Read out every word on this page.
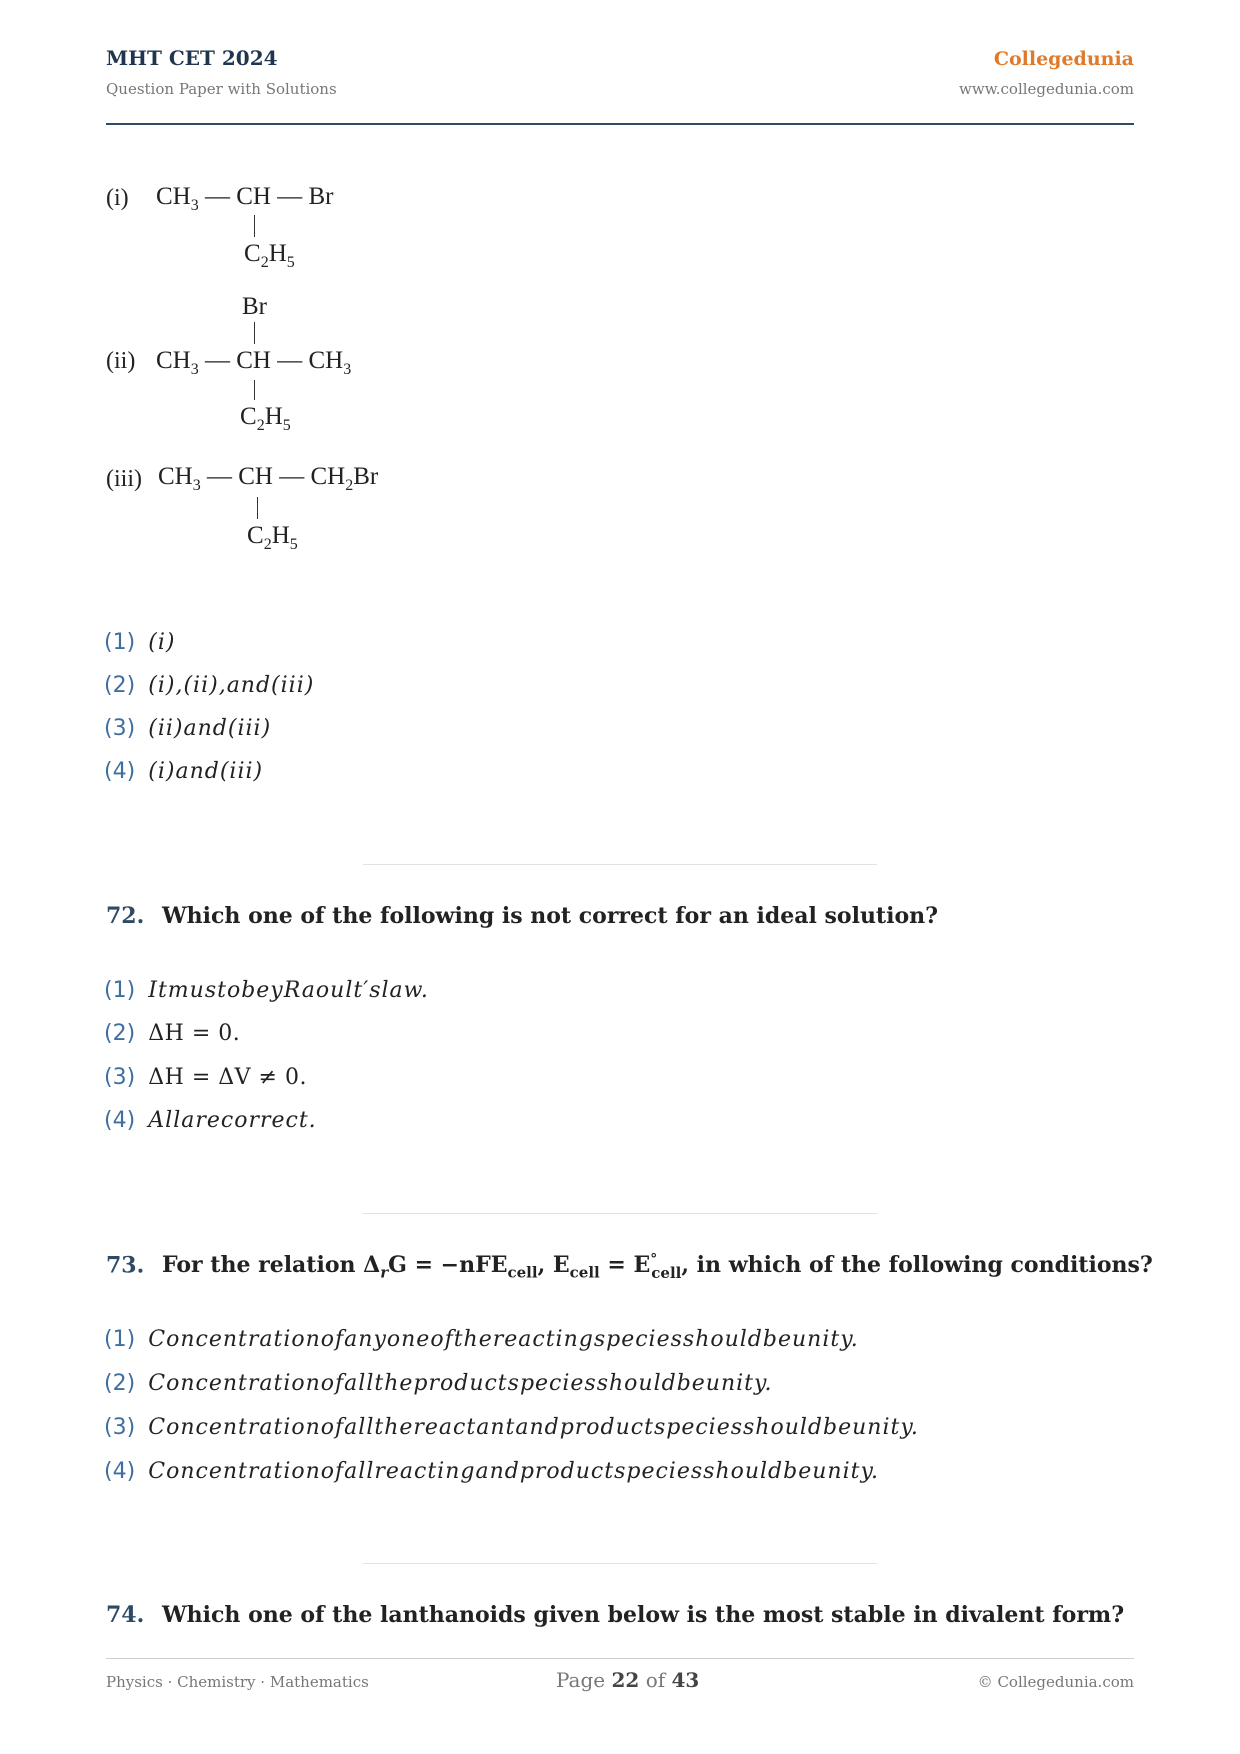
MHT CET 2024
Question Paper with Solutions
Collegedunia
www.collegedunia.com
(i) $CH_3$ — CH — Br
$C_2H_5$
Br
(ii) $CH_3$ — CH — $CH_3$
$C_2H_5$
(iii) $CH_3$ — CH — $CH_2Br$
$C_2H_5$
(1) (i)
(2) (i),(ii),and(iii)
(3) (ii)and(iii)
(4) (i)and(iii)
72. Which one of the following is not correct for an ideal solution?
(1) ItmustobeyRaoult′slaw.
(2) ΔH = 0.
(3) ΔH = ΔV ≠ 0.
(4) Allarecorrect.
73. For the relation $\Delta_rG = -nFE_{cell}$, $E_{cell} = E^\circ_{cell}$, in which of the following conditions?
(1) Concentrationofanyoneofthereactingspeciesshouldbeunity.
(2) Concentrationofalltheproductspeciesshouldbeunity.
(3) Concentrationofallthereactantandproductspeciesshouldbeunity.
(4) Concentrationofallreactingandproductspeciesshouldbeunity.
74. Which one of the lanthanoids given below is the most stable in divalent form?
Physics · Chemistry · Mathematics	Page 22 of 43	© Collegedunia.com
